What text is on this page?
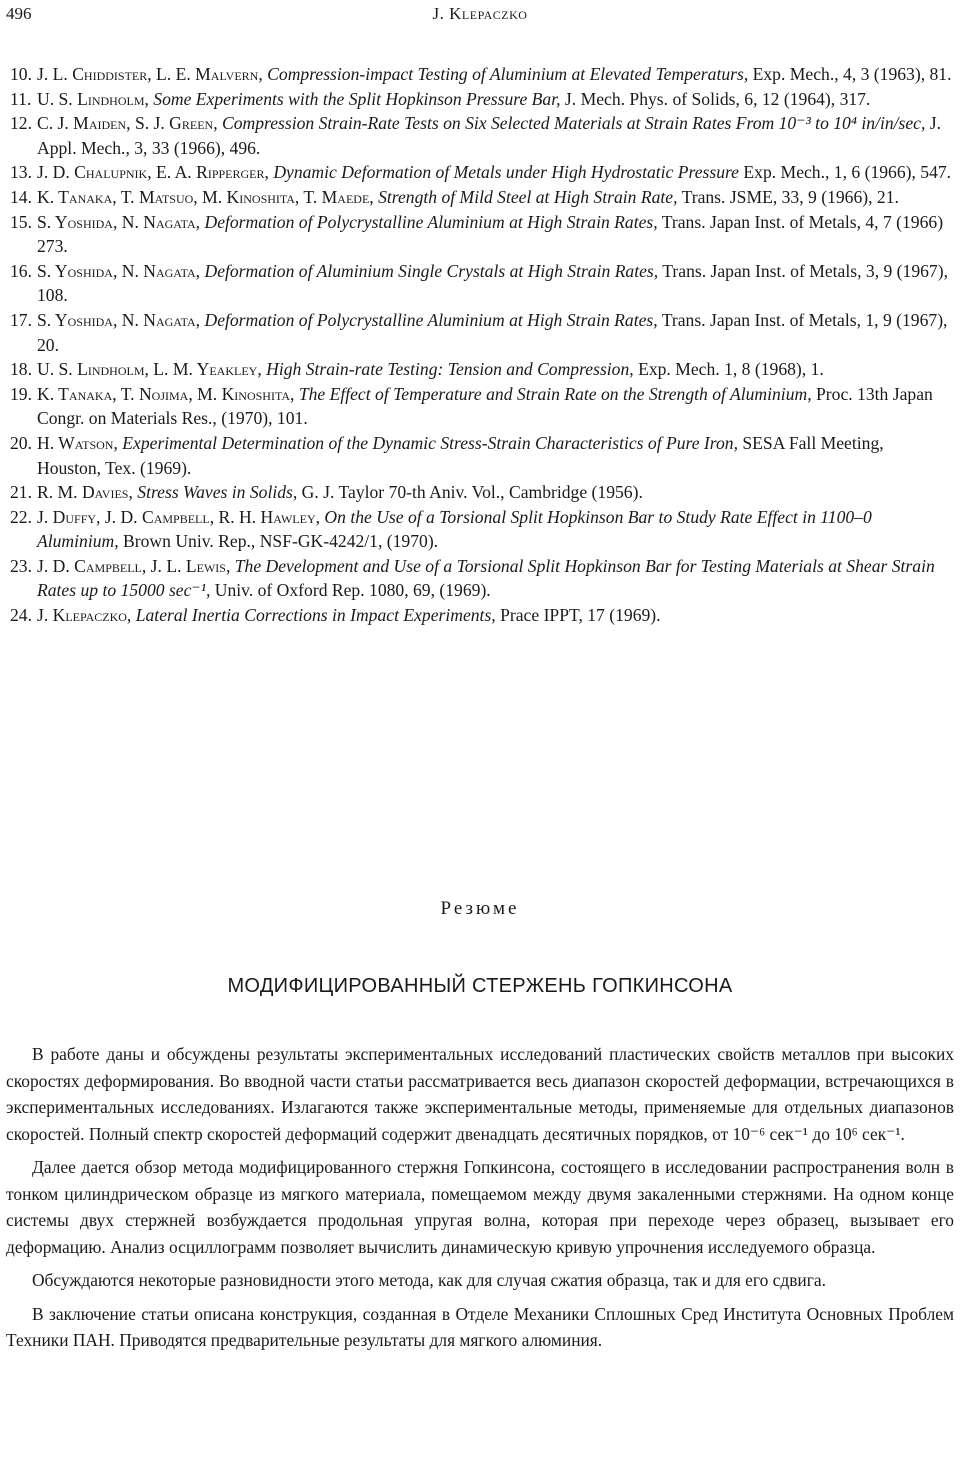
496	J. Klepaczko
10. J. L. Chiddister, L. E. Malvern, Compression-impact Testing of Aluminium at Elevated Temperaturs, Exp. Mech., 4, 3 (1963), 81.
11. U. S. Lindholm, Some Experiments with the Split Hopkinson Pressure Bar, J. Mech. Phys. of Solids, 6, 12 (1964), 317.
12. C. J. Maiden, S. J. Green, Compression Strain-Rate Tests on Six Selected Materials at Strain Rates From 10⁻³ to 10⁴ in/in/sec, J. Appl. Mech., 3, 33 (1966), 496.
13. J. D. Chalupnik, E. A. Ripperger, Dynamic Deformation of Metals under High Hydrostatic Pressure Exp. Mech., 1, 6 (1966), 547.
14. K. Tanaka, T. Matsuo, M. Kinoshita, T. Maede, Strength of Mild Steel at High Strain Rate, Trans. JSME, 33, 9 (1966), 21.
15. S. Yoshida, N. Nagata, Deformation of Polycrystalline Aluminium at High Strain Rates, Trans. Japan Inst. of Metals, 4, 7 (1966) 273.
16. S. Yoshida, N. Nagata, Deformation of Aluminium Single Crystals at High Strain Rates, Trans. Japan Inst. of Metals, 3, 9 (1967), 108.
17. S. Yoshida, N. Nagata, Deformation of Polycrystalline Aluminium at High Strain Rates, Trans. Japan Inst. of Metals, 1, 9 (1967), 20.
18. U. S. Lindholm, L. M. Yeakley, High Strain-rate Testing: Tension and Compression, Exp. Mech. 1, 8 (1968), 1.
19. K. Tanaka, T. Nojima, M. Kinoshita, The Effect of Temperature and Strain Rate on the Strength of Aluminium, Proc. 13th Japan Congr. on Materials Res., (1970), 101.
20. H. Watson, Experimental Determination of the Dynamic Stress-Strain Characteristics of Pure Iron, SESA Fall Meeting, Houston, Tex. (1969).
21. R. M. Davies, Stress Waves in Solids, G. J. Taylor 70-th Aniv. Vol., Cambridge (1956).
22. J. Duffy, J. D. Campbell, R. H. Hawley, On the Use of a Torsional Split Hopkinson Bar to Study Rate Effect in 1100–0 Aluminium, Brown Univ. Rep., NSF-GK-4242/1, (1970).
23. J. D. Campbell, J. L. Lewis, The Development and Use of a Torsional Split Hopkinson Bar for Testing Materials at Shear Strain Rates up to 15000 sec⁻¹, Univ. of Oxford Rep. 1080, 69, (1969).
24. J. Klepaczko, Lateral Inertia Corrections in Impact Experiments, Prace IPPT, 17 (1969).
Резюме
МОДИФИЦИРОВАННЫЙ СТЕРЖЕНЬ ГОПКИНСОНА

В работе даны и обсуждены результаты экспериментальных исследований пластических свойств металлов при высоких скоростях деформирования. Во вводной части статьи рассматривается весь диапазон скоростей деформации, встречающихся в экспериментальных исследованиях. Излагаются также экспериментальные методы, применяемые для отдельных диапазонов скоростей. Полный спектр скоростей деформаций содержит двенадцать десятичных порядков, от 10⁻⁶ сек⁻¹ до 10⁶ сек⁻¹.

Далее дается обзор метода модифицированного стержня Гопкинсона, состоящего в исследовании распространения волн в тонком цилиндрическом образце из мягкого материала, помещаемом между двумя закаленными стержнями. На одном конце системы двух стержней возбуждается продольная упругая волна, которая при переходе через образец, вызывает его деформацию. Анализ осциллограмм позволяет вычислить динамическую кривую упрочнения исследуемого образца.

Обсуждаются некоторые разновидности этого метода, как для случая сжатия образца, так и для его сдвига.

В заключение статьи описана конструкция, созданная в Отделе Механики Сплошных Сред Института Основных Проблем Техники ПАН. Приводятся предварительные результаты для мягкого алюминия.
